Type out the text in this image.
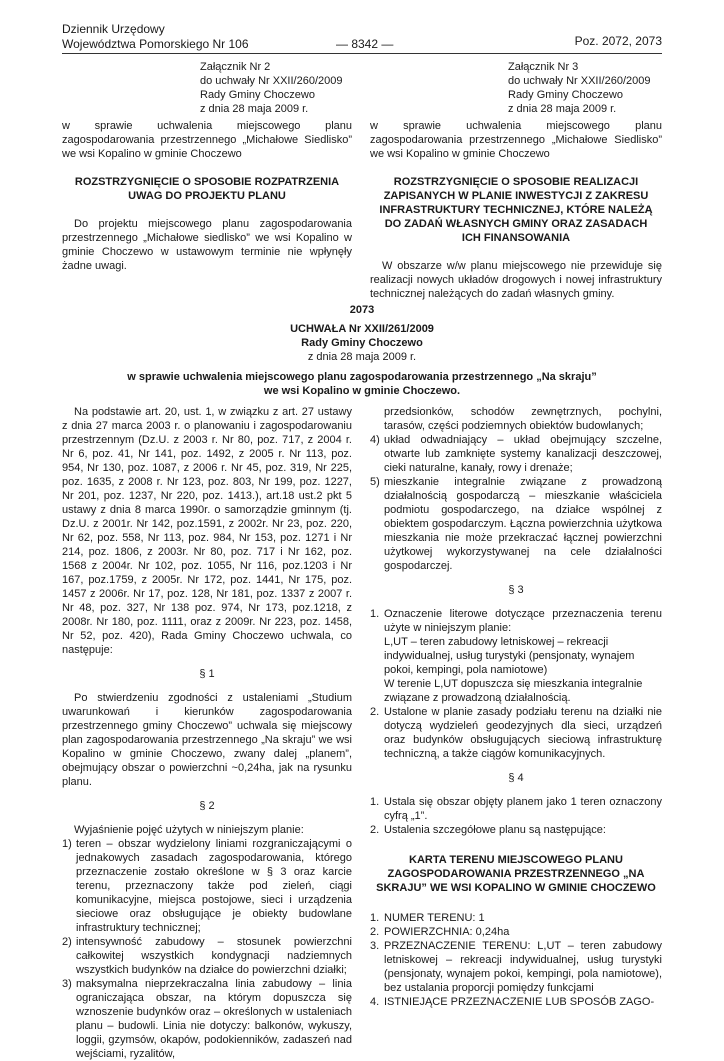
Dziennik Urzędowy
Województwa Pomorskiego Nr 106	— 8342 —	Poz. 2072, 2073
Załącznik Nr 2
do uchwały Nr XXII/260/2009
Rady Gminy Choczewo
z dnia 28 maja 2009 r.

w sprawie uchwalenia miejscowego planu zagospodarowania przestrzennego „Michałowe Siedlisko” we wsi Kopalino w gminie Choczewo

ROZSTRZYGNIĘCIE O SPOSOBIE ROZPATRZENIA UWAG DO PROJEKTU PLANU

Do projektu miejscowego planu zagospodarowania przestrzennego „Michałowe siedlisko” we wsi Kopalino w gminie Choczewo w ustawowym terminie nie wpłynęły żadne uwagi.

Załącznik Nr 3
do uchwały Nr XXII/260/2009
Rady Gminy Choczewo
z dnia 28 maja 2009 r.

w sprawie uchwalenia miejscowego planu zagospodarowania przestrzennego „Michałowe Siedlisko” we wsi Kopalino w gminie Choczewo

ROZSTRZYGNIĘCIE O SPOSOBIE REALIZACJI ZAPISANYCH W PLANIE INWESTYCJI Z ZAKRESU INFRASTRUKTURY TECHNICZNEJ, KTÓRE NALEŻĄ DO ZADAŃ WŁASNYCH GMINY ORAZ ZASADACH ICH FINANSOWANIA

W obszarze w/w planu miejscowego nie przewiduje się realizacji nowych układów drogowych i nowej infrastruktury technicznej należących do zadań własnych gminy.

2073
UCHWAŁA Nr XXII/261/2009
Rady Gminy Choczewo
z dnia 28 maja 2009 r.
w sprawie uchwalenia miejscowego planu zagospodarowania przestrzennego „Na skraju”
we wsi Kopalino w gminie Choczewo.

Na podstawie art. 20, ust. 1, w związku z art. 27 ustawy z dnia 27 marca 2003 r. o planowaniu i zagospodarowaniu przestrzennym (Dz.U. z 2003 r. Nr 80, poz. 717, z 2004 r. Nr 6, poz. 41, Nr 141, poz. 1492, z 2005 r. Nr 113, poz. 954, Nr 130, poz. 1087, z 2006 r. Nr 45, poz. 319, Nr 225, poz. 1635, z 2008 r. Nr 123, poz. 803, Nr 199, poz. 1227, Nr 201, poz. 1237, Nr 220, poz. 1413.), art.18 ust.2 pkt 5 ustawy z dnia 8 marca 1990r. o samorządzie gminnym (tj. Dz.U. z 2001r. Nr 142, poz.1591, z 2002r. Nr 23, poz. 220, Nr 62, poz. 558, Nr 113, poz. 984, Nr 153, poz. 1271 i Nr 214, poz. 1806, z 2003r. Nr 80, poz. 717 i Nr 162, poz. 1568 z 2004r. Nr 102, poz. 1055, Nr 116, poz.1203 i Nr 167, poz.1759, z 2005r. Nr 172, poz. 1441, Nr 175, poz. 1457 z 2006r. Nr 17, poz. 128, Nr 181, poz. 1337 z 2007 r. Nr 48, poz. 327, Nr 138 poz. 974, Nr 173, poz.1218, z 2008r. Nr 180, poz. 1111, oraz z 2009r. Nr 223, poz. 1458, Nr 52, poz. 420), Rada Gminy Choczewo uchwala, co następuje:

§ 1

Po stwierdzeniu zgodności z ustaleniami „Studium uwarunkowań i kierunków zagospodarowania przestrzennego gminy Choczewo” uchwala się miejscowy plan zagospodarowania przestrzennego „Na skraju” we wsi Kopalino w gminie Choczewo, zwany dalej „planem”, obejmujący obszar o powierzchni ~0,24ha, jak na rysunku planu.

§ 2

Wyjaśnienie pojęć użytych w niniejszym planie:

1) teren – obszar wydzielony liniami rozgraniczającymi o jednakowych zasadach zagospodarowania, którego przeznaczenie zostało określone w § 3 oraz karcie terenu, przeznaczony także pod zieleń, ciągi komunikacyjne, miejsca postojowe, sieci i urządzenia sieciowe oraz obsługujące je obiekty budowlane infrastruktury technicznej;
2) intensywność zabudowy – stosunek powierzchni całkowitej wszystkich kondygnacji nadziemnych wszystkich budynków na działce do powierzchni działki;
3) maksymalna nieprzekraczalna linia zabudowy – linia ograniczająca obszar, na którym dopuszcza się wznoszenie budynków oraz – określonych w ustaleniach planu – budowli. Linia nie dotyczy: balkonów, wykuszy, loggii, gzymsów, okapów, podokienników, zadaszeń nad wejściami, ryzalitów,

przedsionków, schodów zewnętrznych, pochylni, tarasów, części podziemnych obiektów budowlanych;

4) układ odwadniający – układ obejmujący szczelne, otwarte lub zamknięte systemy kanalizacji deszczowej, cieki naturalne, kanały, rowy i drenaże;
5) mieszkanie integralnie związane z prowadzoną działalnością gospodarczą – mieszkanie właściciela podmiotu gospodarczego, na działce wspólnej z obiektem gospodarczym. Łączna powierzchnia użytkowa mieszkania nie może przekraczać łącznej powierzchni użytkowej wykorzystywanej na cele działalności gospodarczej.

§ 3

1. Oznaczenie literowe dotyczące przeznaczenia terenu użyte w niniejszym planie:
L,UT – teren zabudowy letniskowej – rekreacji indywidualnej, usług turystyki (pensjonaty, wynajem pokoi, kempingi, pola namiotowe)
W terenie L,UT dopuszcza się mieszkania integralnie związane z prowadzoną działalnością.
2. Ustalone w planie zasady podziału terenu na działki nie dotyczą wydzieleń geodezyjnych dla sieci, urządzeń oraz budynków obsługujących sieciową infrastrukturę techniczną, a także ciągów komunikacyjnych.

§ 4

1. Ustala się obszar objęty planem jako 1 teren oznaczony cyfrą „1”.
2. Ustalenia szczegółowe planu są następujące:

KARTA TERENU MIEJSCOWEGO PLANU ZAGOSPODAROWANIA PRZESTRZENNEGO „NA SKRAJU” WE WSI KOPALINO W GMINIE CHOCZEWO

1. NUMER TERENU: 1
2. POWIERZCHNIA: 0,24ha
3. PRZEZNACZENIE TERENU: L,UT – teren zabudowy letniskowej – rekreacji indywidualnej, usług turystyki (pensjonaty, wynajem pokoi, kempingi, pola namiotowe), bez ustalania proporcji pomiędzy funkcjami
4. ISTNIEJĄCE PRZEZNACZENIE LUB SPOSÓB ZAGO-
